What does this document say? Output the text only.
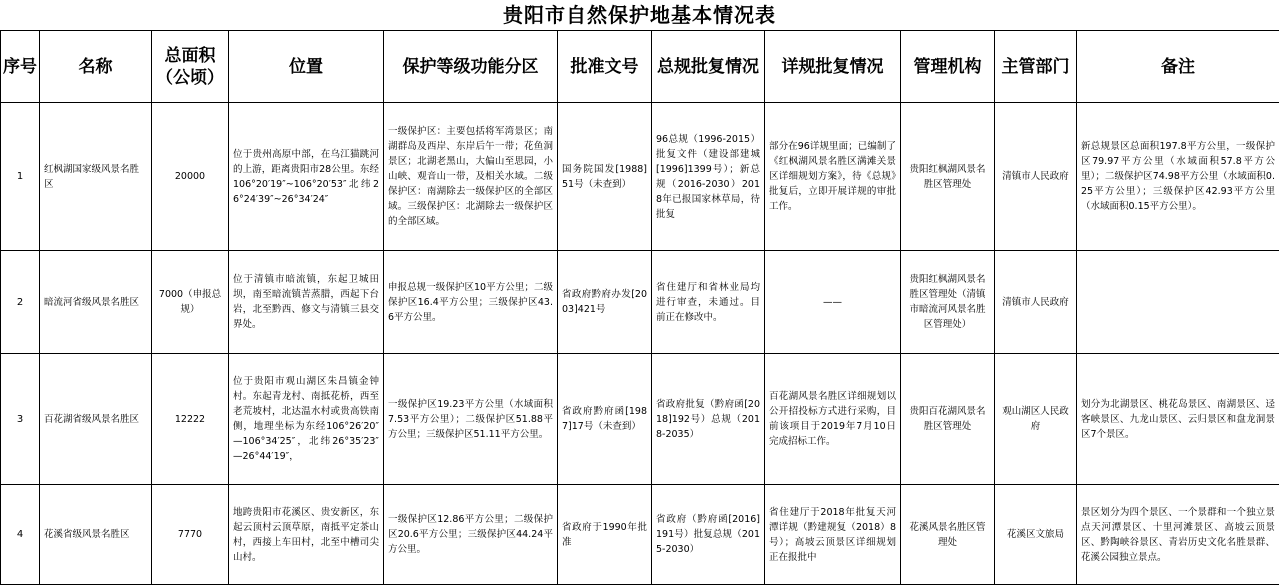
贵阳市自然保护地基本情况表
序号	名称	总面积（公顷）	位置	保护等级功能分区	批准文号	总规批复情况	详规批复情况	管理机构	主管部门	备注
1	红枫湖国家级风景名胜区	20000	位于贵州高原中部，在乌江猫跳河的上游，距离贵阳市28公里。东经106°20′19″~106°20′53″北纬26°24′39″~26°34′24″	一级保护区：主要包括将军湾景区；南湖群岛及西岸、东岸后午一带；花鱼洞景区；北湖老黑山，大偏山至思园，小山峡、观音山一带，及相关水域。二级保护区：南湖除去一级保护区的全部区域。三级保护区：北湖除去一级保护区的全部区域。	国务院国发[1988]51号（未查到）	96总规（1996-2015）批复文件（建设部建城[1996]1399号）；新总规（2016-2030）2018年已报国家林草局，待批复	部分在96详规里面；已编制了《红枫湖风景名胜区满滩关景区详细规划方案》，待《总规》批复后，立即开展详规的审批工作。	贵阳红枫湖风景名胜区管理处	清镇市人民政府	新总规景区总面积197.8平方公里，一级保护区79.97平方公里（水域面积57.8平方公里）；二级保护区74.98平方公里（水域面积0.25平方公里）；三级保护区42.93平方公里（水域面积0.15平方公里）。
2	暗流河省级风景名胜区	7000（申报总规）	位于清镇市暗流镇，东起卫城田坝，南至暗流镇苦蒸腊，西起下台岩，北至黔西、修文与清镇三县交界处。	申报总规一级保护区10平方公里；二级保护区16.4平方公里；三级保护区43.6平方公里。	省政府黔府办发[2003]421号	省住建厅和省林业局均进行审查，未通过。目前正在修改中。	——	贵阳红枫湖风景名胜区管理处（清镇市暗流河风景名胜区管理处）	清镇市人民政府	
3	百花湖省级风景名胜区	12222	位于贵阳市观山湖区朱昌镇金钟村。东起青龙村、南抵花桥，西至老荒坡村，北达温水村或贵高铁南侧，地理坐标为东经106°26′20″—106°34′25″，北纬26°35′23″—26°44′19″，	一级保护区19.23平方公里（水域面积7.53平方公里）；二级保护区51.88平方公里；三级保护区51.11平方公里。	省政府黔府函[1987]17号（未查到）	省政府批复（黔府函[2018]192号）总规（2018-2035）	百花湖风景名胜区详细规划以公开招投标方式进行采购，目前该项目于2019年7月10日完成招标工作。	贵阳百花湖风景名胜区管理处	观山湖区人民政府	划分为北湖景区、桃花岛景区、南湖景区、迳客峡景区、九龙山景区、云归景区和盘龙洞景区7个景区。
4	花溪省级风景名胜区	7770	地跨贵阳市花溪区、贵安新区，东起云顶村云顶草原，南抵平定茶山村，西接上车田村，北至中槽司尖山村。	一级保护区12.86平方公里；二级保护区20.6平方公里；三级保护区44.24平方公里。	省政府于1990年批准	省政府（黔府函[2016]191号）批复总规（2015-2030）	省住建厅于2018年批复天河潭详规（黔建规复（2018）8号）；高坡云顶景区详细规划正在报批中	花溪风景名胜区管理处	花溪区文旅局	景区划分为四个景区、一个景群和一个独立景点天河潭景区、十里河滩景区、高坡云顶景区、黔陶峡谷景区、青岩历史文化名胜景群、花溪公园独立景点。
